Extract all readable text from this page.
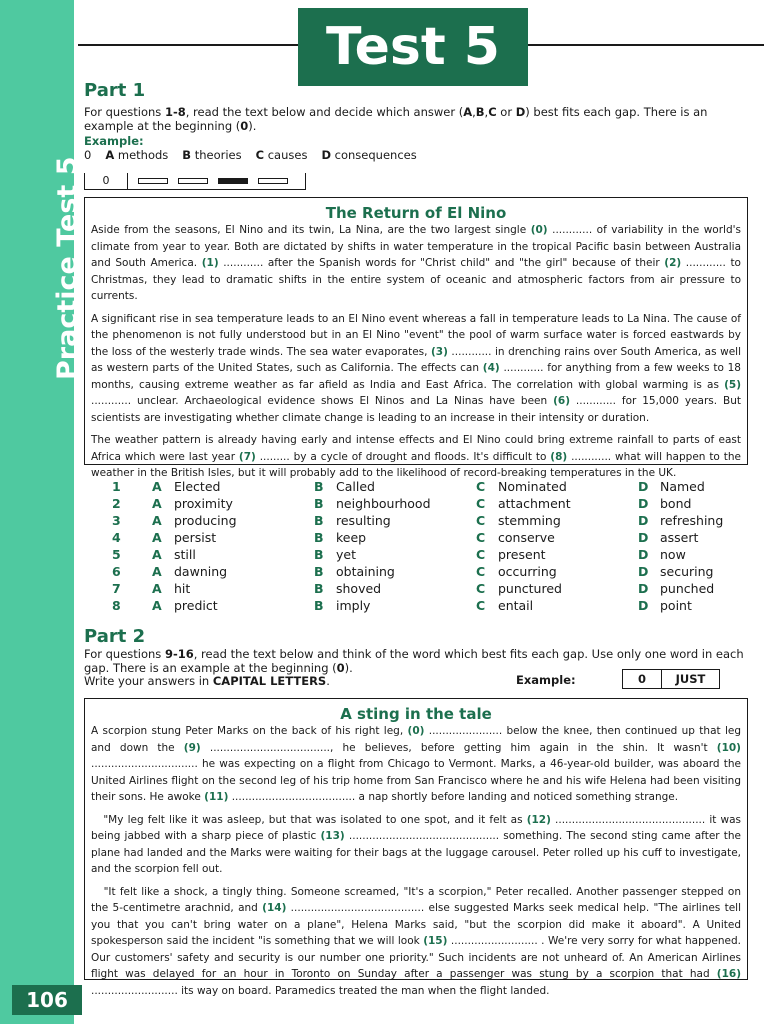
Practice Test 5
106
Test 5
Part 1
For questions 1-8, read the text below and decide which answer (A,B,C or D) best fits each gap. There is an example at the beginning (0).
Example:
0 A methods B theories C causes D consequences
0
The Return of El Nino
Aside from the seasons, El Nino and its twin, La Nina, are the two largest single (0) ............ of variability in the world's climate from year to year. Both are dictated by shifts in water temperature in the tropical Pacific basin between Australia and South America. (1) ............ after the Spanish words for "Christ child" and "the girl" because of their (2) ............ to Christmas, they lead to dramatic shifts in the entire system of oceanic and atmospheric factors from air pressure to currents.
A significant rise in sea temperature leads to an El Nino event whereas a fall in temperature leads to La Nina. The cause of the phenomenon is not fully understood but in an El Nino "event" the pool of warm surface water is forced eastwards by the loss of the westerly trade winds. The sea water evaporates, (3) ............ in drenching rains over South America, as well as western parts of the United States, such as California. The effects can (4) ............ for anything from a few weeks to 18 months, causing extreme weather as far afield as India and East Africa. The correlation with global warming is as (5) ............ unclear. Archaeological evidence shows El Ninos and La Ninas have been (6) ............ for 15,000 years. But scientists are investigating whether climate change is leading to an increase in their intensity or duration.
The weather pattern is already having early and intense effects and El Nino could bring extreme rainfall to parts of east Africa which were last year (7) ......... by a cycle of drought and floods. It's difficult to (8) ............ what will happen to the weather in the British Isles, but it will probably add to the likelihood of record-breaking temperatures in the UK.
1	A Elected	B Called	C	Nominated	D Named
2	A proximity	B neighbourhood	C	attachment	D bond
3	A producing	B resulting	C	stemming	D refreshing
4	A persist	B keep	C	conserve	D assert
5	A still	B yet	C	present	D now
6	A dawning	B obtaining	C	occurring	D securing
7	A hit	B shoved	C	punctured	D punched
8	A predict	B imply	C	entail	D point
Part 2
For questions 9-16, read the text below and think of the word which best fits each gap. Use only one word in each gap. There is an example at the beginning (0).
Write your answers in CAPITAL LETTERS.	Example:	0	JUST
A sting in the tale
A scorpion stung Peter Marks on the back of his right leg, (0) ...................... below the knee, then continued up that leg and down the (9) ...................................., he believes, before getting him again in the shin. It wasn't (10) ................................ he was expecting on a flight from Chicago to Vermont. Marks, a 46-year-old builder, was aboard the United Airlines flight on the second leg of his trip home from San Francisco where he and his wife Helena had been visiting their sons. He awoke (11) ..................................... a nap shortly before landing and noticed something strange.
"My leg felt like it was asleep, but that was isolated to one spot, and it felt as (12) ............................................. it was being jabbed with a sharp piece of plastic (13) ............................................. something. The second sting came after the plane had landed and the Marks were waiting for their bags at the luggage carousel. Peter rolled up his cuff to investigate, and the scorpion fell out.
"It felt like a shock, a tingly thing. Someone screamed, "It's a scorpion," Peter recalled. Another passenger stepped on the 5-centimetre arachnid, and (14) ........................................ else suggested Marks seek medical help. "The airlines tell you that you can't bring water on a plane", Helena Marks said, "but the scorpion did make it aboard". A United spokesperson said the incident "is something that we will look (15) .......................... . We're very sorry for what happened. Our customers' safety and security is our number one priority." Such incidents are not unheard of. An American Airlines flight was delayed for an hour in Toronto on Sunday after a passenger was stung by a scorpion that had (16) .......................... its way on board. Paramedics treated the man when the flight landed.
